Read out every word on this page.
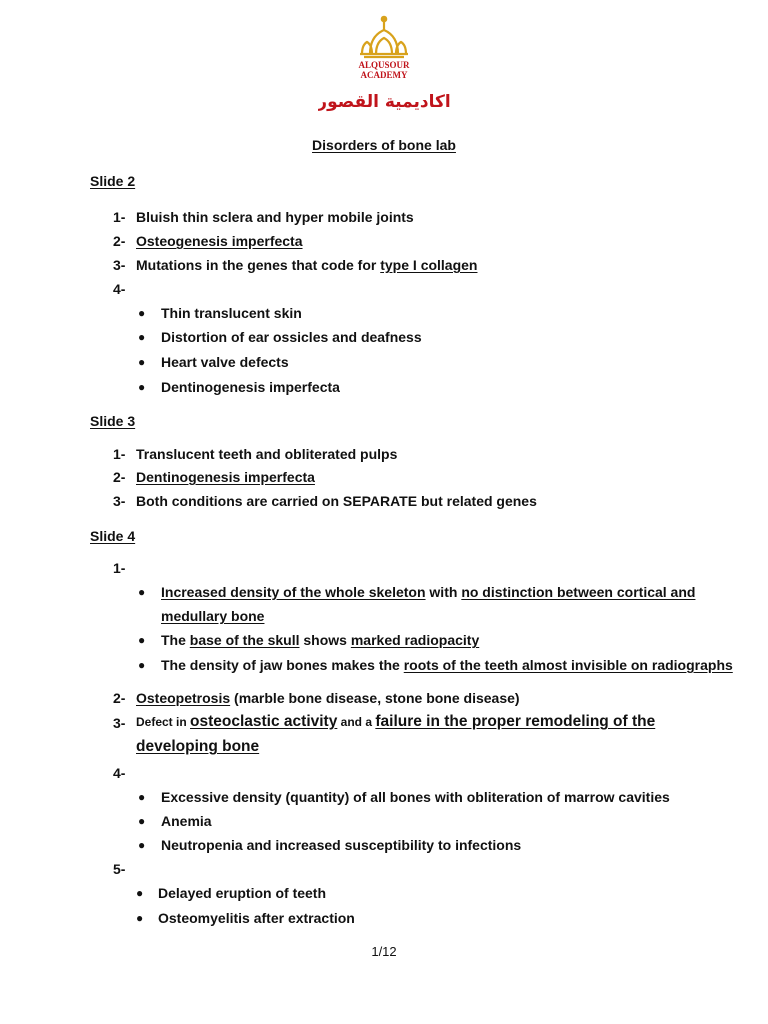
ALQUSOUR
ACADEMY
اكاديمية القصور
Disorders of bone lab
Slide 2
1- Bluish thin sclera and hyper mobile joints
2- Osteogenesis imperfecta
3- Mutations in the genes that code for type I collagen
4-
● Thin translucent skin
● Distortion of ear ossicles and deafness
● Heart valve defects
● Dentinogenesis imperfecta
Slide 3
1- Translucent teeth and obliterated pulps
2- Dentinogenesis imperfecta
3- Both conditions are carried on SEPARATE but related genes
Slide 4
1-
● Increased density of the whole skeleton with no distinction between cortical and
medullary bone
● The base of the skull shows marked radiopacity
● The density of jaw bones makes the roots of the teeth almost invisible on radiographs
2- Osteopetrosis (marble bone disease, stone bone disease)
3- Defect in osteoclastic activity and a failure in the proper remodeling of the
developing bone
4-
● Excessive density (quantity) of all bones with obliteration of marrow cavities
● Anemia
● Neutropenia and increased susceptibility to infections
5-
● Delayed eruption of teeth
● Osteomyelitis after extraction
1/12
